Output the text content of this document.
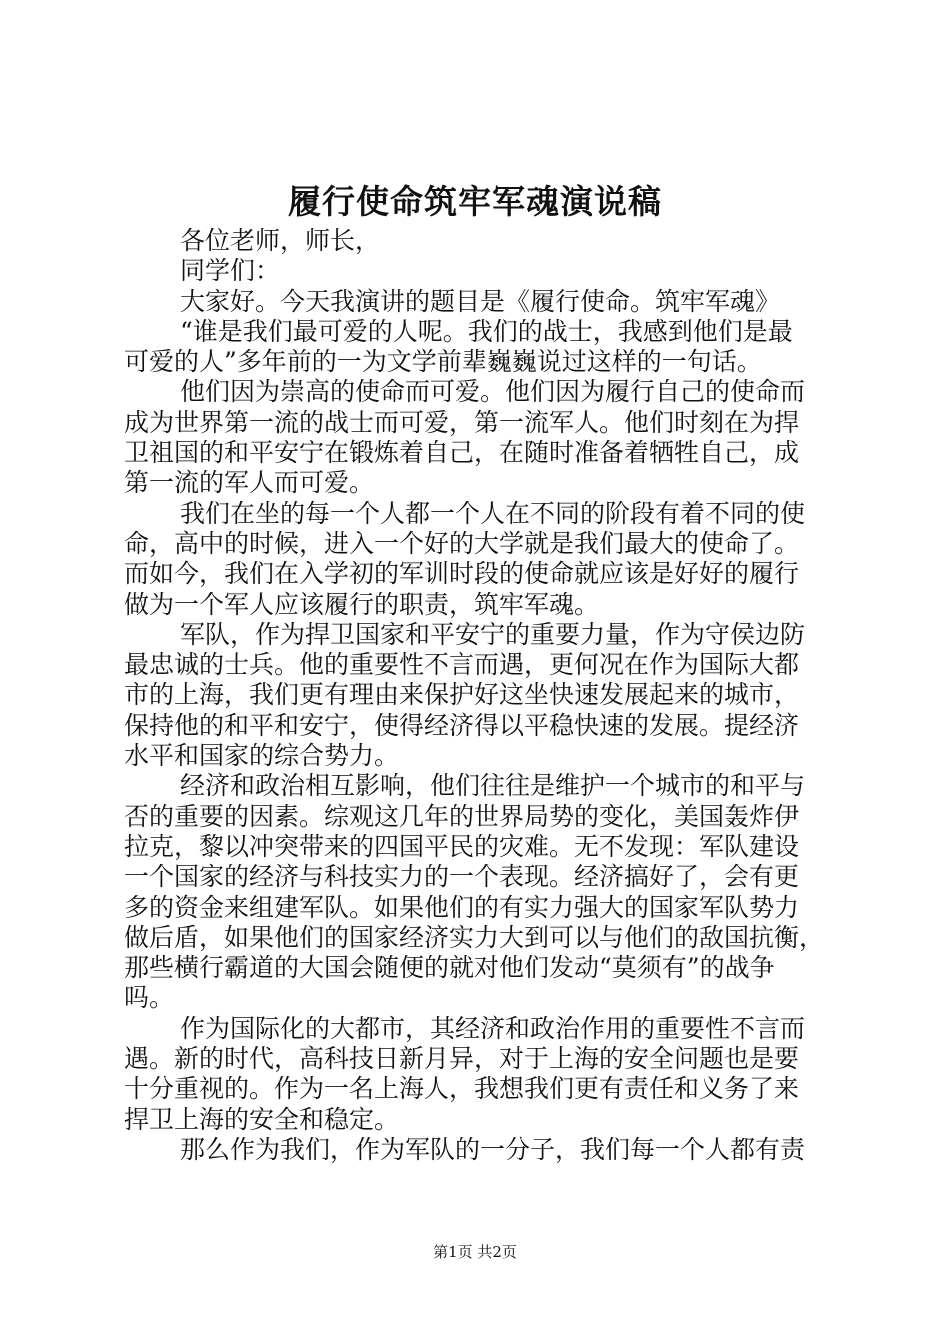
履行使命筑牢军魂演说稿
各位老师，师长，
同学们：
大家好。今天我演讲的题目是《履行使命。筑牢军魂》
“谁是我们最可爱的人呢。我们的战士，我感到他们是最
可爱的人”多年前的一为文学前辈巍巍说过这样的一句话。
他们因为崇高的使命而可爱。他们因为履行自己的使命而
成为世界第一流的战士而可爱，第一流军人。他们时刻在为捍
卫祖国的和平安宁在锻炼着自己，在随时准备着牺牲自己，成
第一流的军人而可爱。
我们在坐的每一个人都一个人在不同的阶段有着不同的使
命，高中的时候，进入一个好的大学就是我们最大的使命了。
而如今，我们在入学初的军训时段的使命就应该是好好的履行
做为一个军人应该履行的职责，筑牢军魂。
军队，作为捍卫国家和平安宁的重要力量，作为守侯边防
最忠诚的士兵。他的重要性不言而遇，更何况在作为国际大都
市的上海，我们更有理由来保护好这坐快速发展起来的城市，
保持他的和平和安宁，使得经济得以平稳快速的发展。提经济
水平和国家的综合势力。
经济和政治相互影响，他们往往是维护一个城市的和平与
否的重要的因素。综观这几年的世界局势的变化，美国轰炸伊
拉克，黎以冲突带来的四国平民的灾难。无不发现：军队建设
一个国家的经济与科技实力的一个表现。经济搞好了，会有更
多的资金来组建军队。如果他们的有实力强大的国家军队势力
做后盾，如果他们的国家经济实力大到可以与他们的敌国抗衡，
那些横行霸道的大国会随便的就对他们发动“莫须有”的战争
吗。
作为国际化的大都市，其经济和政治作用的重要性不言而
遇。新的时代，高科技日新月异，对于上海的安全问题也是要
十分重视的。作为一名上海人，我想我们更有责任和义务了来
捍卫上海的安全和稳定。
那么作为我们，作为军队的一分子，我们每一个人都有责
第1页 共2页
